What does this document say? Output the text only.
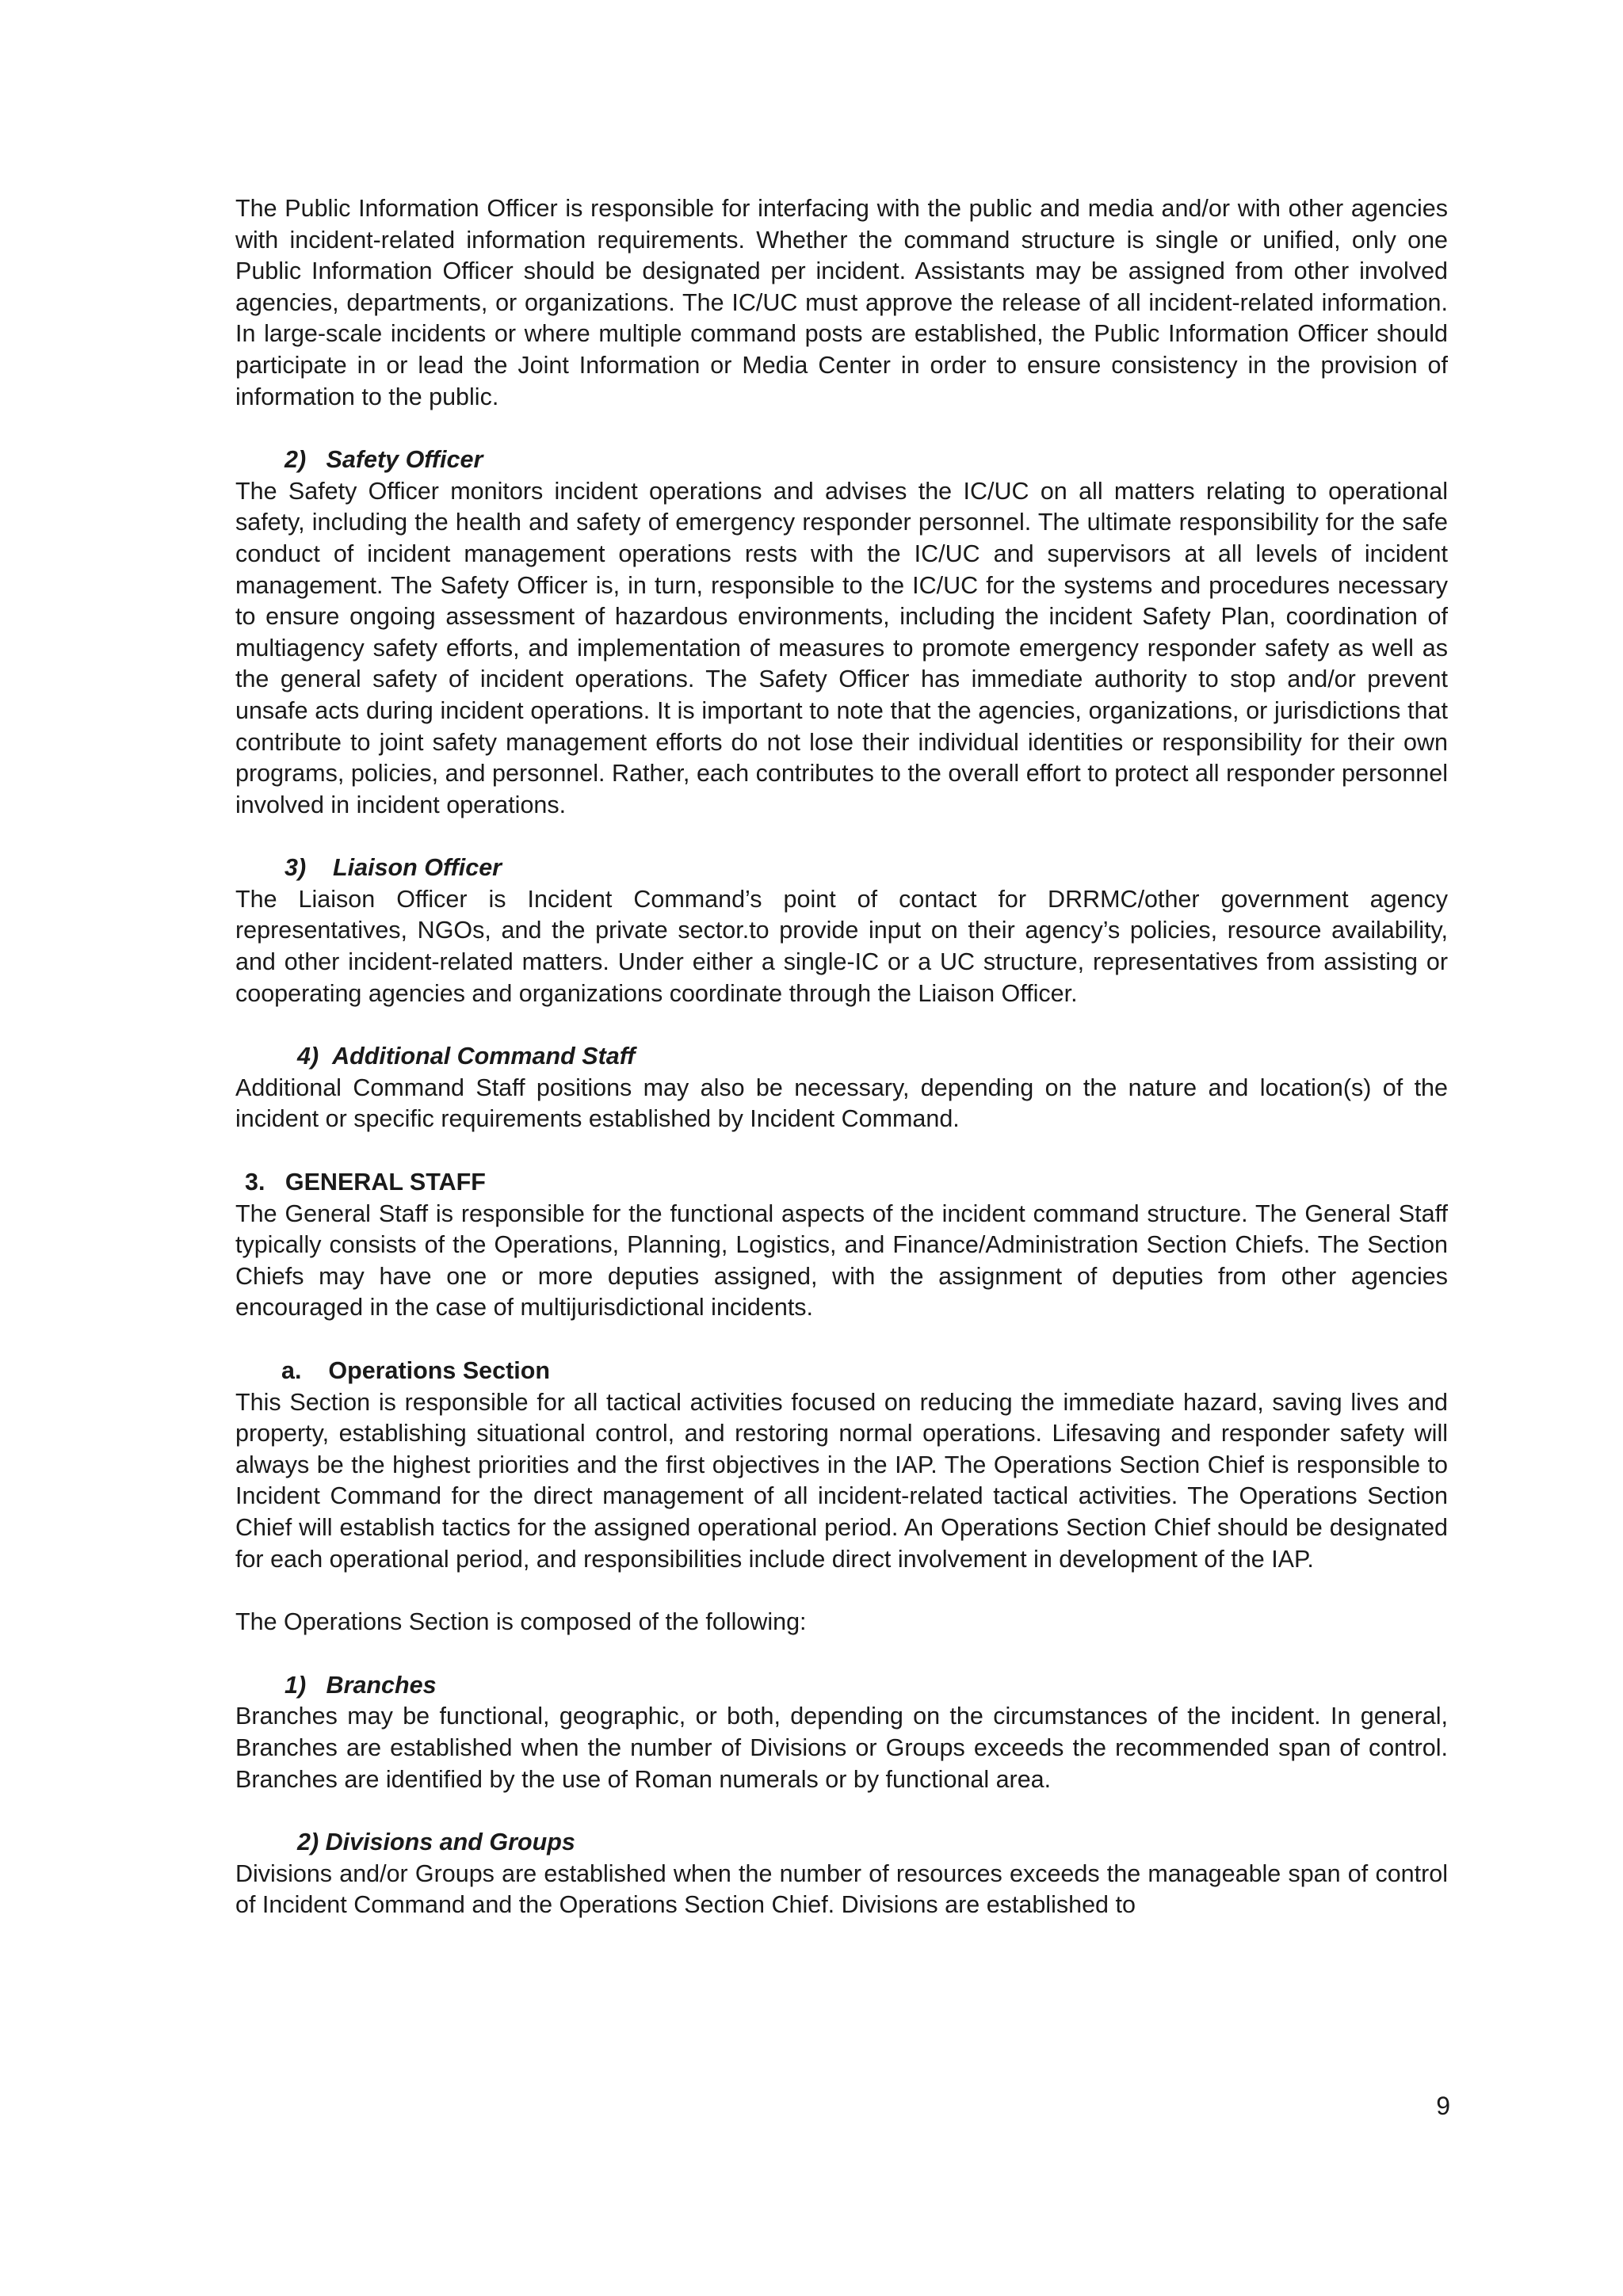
The Public Information Officer is responsible for interfacing with the public and media and/or with other agencies with incident-related information requirements. Whether the command structure is single or unified, only one Public Information Officer should be designated per incident. Assistants may be assigned from other involved agencies, departments, or organizations. The IC/UC must approve the release of all incident-related information. In large-scale incidents or where multiple command posts are established, the Public Information Officer should participate in or lead the Joint Information or Media Center in order to ensure consistency in the provision of information to the public.

2) Safety Officer

The Safety Officer monitors incident operations and advises the IC/UC on all matters relating to operational safety, including the health and safety of emergency responder personnel. The ultimate responsibility for the safe conduct of incident management operations rests with the IC/UC and supervisors at all levels of incident management. The Safety Officer is, in turn, responsible to the IC/UC for the systems and procedures necessary to ensure ongoing assessment of hazardous environments, including the incident Safety Plan, coordination of multiagency safety efforts, and implementation of measures to promote emergency responder safety as well as the general safety of incident operations. The Safety Officer has immediate authority to stop and/or prevent unsafe acts during incident operations. It is important to note that the agencies, organizations, or jurisdictions that contribute to joint safety management efforts do not lose their individual identities or responsibility for their own programs, policies, and personnel. Rather, each contributes to the overall effort to protect all responder personnel involved in incident operations.

3) Liaison Officer

The Liaison Officer is Incident Command’s point of contact for DRRMC/other government agency representatives, NGOs, and the private sector.to provide input on their agency’s policies, resource availability, and other incident-related matters. Under either a single-IC or a UC structure, representatives from assisting or cooperating agencies and organizations coordinate through the Liaison Officer.

4) Additional Command Staff

Additional Command Staff positions may also be necessary, depending on the nature and location(s) of the incident or specific requirements established by Incident Command.

3. GENERAL STAFF

The General Staff is responsible for the functional aspects of the incident command structure. The General Staff typically consists of the Operations, Planning, Logistics, and Finance/Administration Section Chiefs. The Section Chiefs may have one or more deputies assigned, with the assignment of deputies from other agencies encouraged in the case of multijurisdictional incidents.

a. Operations Section

This Section is responsible for all tactical activities focused on reducing the immediate hazard, saving lives and property, establishing situational control, and restoring normal operations. Lifesaving and responder safety will always be the highest priorities and the first objectives in the IAP. The Operations Section Chief is responsible to Incident Command for the direct management of all incident-related tactical activities. The Operations Section Chief will establish tactics for the assigned operational period. An Operations Section Chief should be designated for each operational period, and responsibilities include direct involvement in development of the IAP.

The Operations Section is composed of the following:

1) Branches

Branches may be functional, geographic, or both, depending on the circumstances of the incident. In general, Branches are established when the number of Divisions or Groups exceeds the recommended span of control. Branches are identified by the use of Roman numerals or by functional area.

2) Divisions and Groups

Divisions and/or Groups are established when the number of resources exceeds the manageable span of control of Incident Command and the Operations Section Chief. Divisions are established to

9
